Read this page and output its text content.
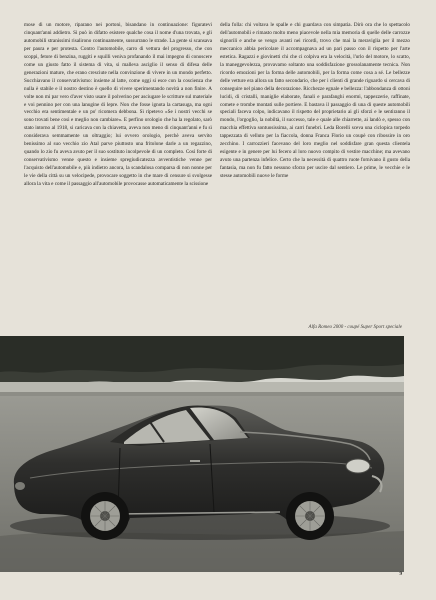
mose di un motore, riparano nei portoni, bisandano in continuazione: figuratevi cinquant'anni addietro. Si può in difatto esistere qualche cosa il nome d'una trovata, e gli automobili stranissimi risalirono continuamente, sussurrano le strade. La gente si scansava per paura e per protesta. Contro l'automobile, carro di vettura del progresso, che con scoppi, fetore di benzina, ruggiti e squilli veniva profanando il mai impegno di conoscere come un giusto fatto il sistema di vita, si malleva asciglio il senso di difesa delle generazioni mature, che erano cresciute nella convinzione di vivere in un mondo perfetto. Succhiavano il conservativismo: insieme al latte, come oggi si esce con la coscienza che nulla è stabile e il nostro destino è quello di vivere sperimentando novità a non finire. A volte non mi par vero d'aver visto usare il polverino per asciugare le scritture sul materiale e voi pennino per con una lanugine di lepre. Non che fosse ignota la cartasuga, ma ogni vecchio era sentimentale e un po' ricomera debbona. Sì ripetevo «Se i nostri vecchi se sono trovati bene così e meglio non cambiare». E perfino orologio che ha la regolato, sarò stato intorno al 1918, si caricava con la chiavetta, aveva non meno di cinquant'anni e fu sì considerava semmamente un oltraggio; lui ovvero orologio, perchè aveva servito benissimo al suo vecchio zio Atal parve piuttosto una fritolone darle a un regazzino, quando lo zio fu aveva avuto per il suo sostituto incolpevole di un completo. Così forte di conservativismo venne questo e insieme spregiudicatezza avventistiche venne per l'acquisto dell'automobile e, più indietro ancora, la scandalosa comparsa di non nonne per le vie della città su un velocipede, provocare soggetto in che mare di censure si svolgesse allora la vita e come il passaggio all'automobile provocasse automaticamente la scissione

della folla: chi voltava le spalle e chi guardava con simpatia. Dirò ora che lo spettacolo dell'automobili e rimasto molto meno piacevole nella mia memoria di quelle delle carrozze signorili e anche se vengo avanti nei ricordi, trovo che mai la meraviglia per il mezzo meccanico abbia pericolare il accompagnava ad un pari passo con il rispetto per l'arte estetica. Ragazzi e giovinetti chi che ci colpiva era la velocità, l'urlo del motore, lo scatto, la maneggevolezza, provavamo soltanto una soddisfazione grossolanamente tecnica. Non ricordo emozioni per la forma delle automobili, per la forma come cosa a sé. Le bellezze delle vetture era allora un fatto secondario, che per i clienti di grande riguardo si cercava di conseguire nel piano della decorazione. Ricchezze egnale e bellezza: l'abbondanza di ottoni lucidi, di cristalli, maniglie elaborate, fanali e parafanghi enormi, tappezzerie, raffinate, comete e trombe montati sulle portiere. E bastava il passaggio di una di queste automobili speciali faceva colpo, indicavano il rispetto del proprietario ai gli sforzi e le sentiranno il mondo, l'orgoglio, la nobiltà, il successo, tale e quale alle chiarrette, ai landò e, spesso con macchia effettiva sontuosissima, ai carri funebri. Leda Borelli sceva una ciclopica torpedo tappezzata di velluto per la fiaccola, donna Franca Florio un coupè con ribossire in oro zecchino. I carrozzieri facevano del loro meglio nel soddisfare gran questa clientela esigente e in genere per lui fecero al loro nuovo compito di vestire macchine; ma avevano avuto una partenza infelice. Certo che la necessità di quattro ruote fornivano il gusto della fantasia, ma non fu fatto nessuno sforzo per uscire dal sentiero. Le prime, le vecchie e le stesse automobili nuove le forme

Alfa Romeo 2000 - coupé Super Sport speciale
9
